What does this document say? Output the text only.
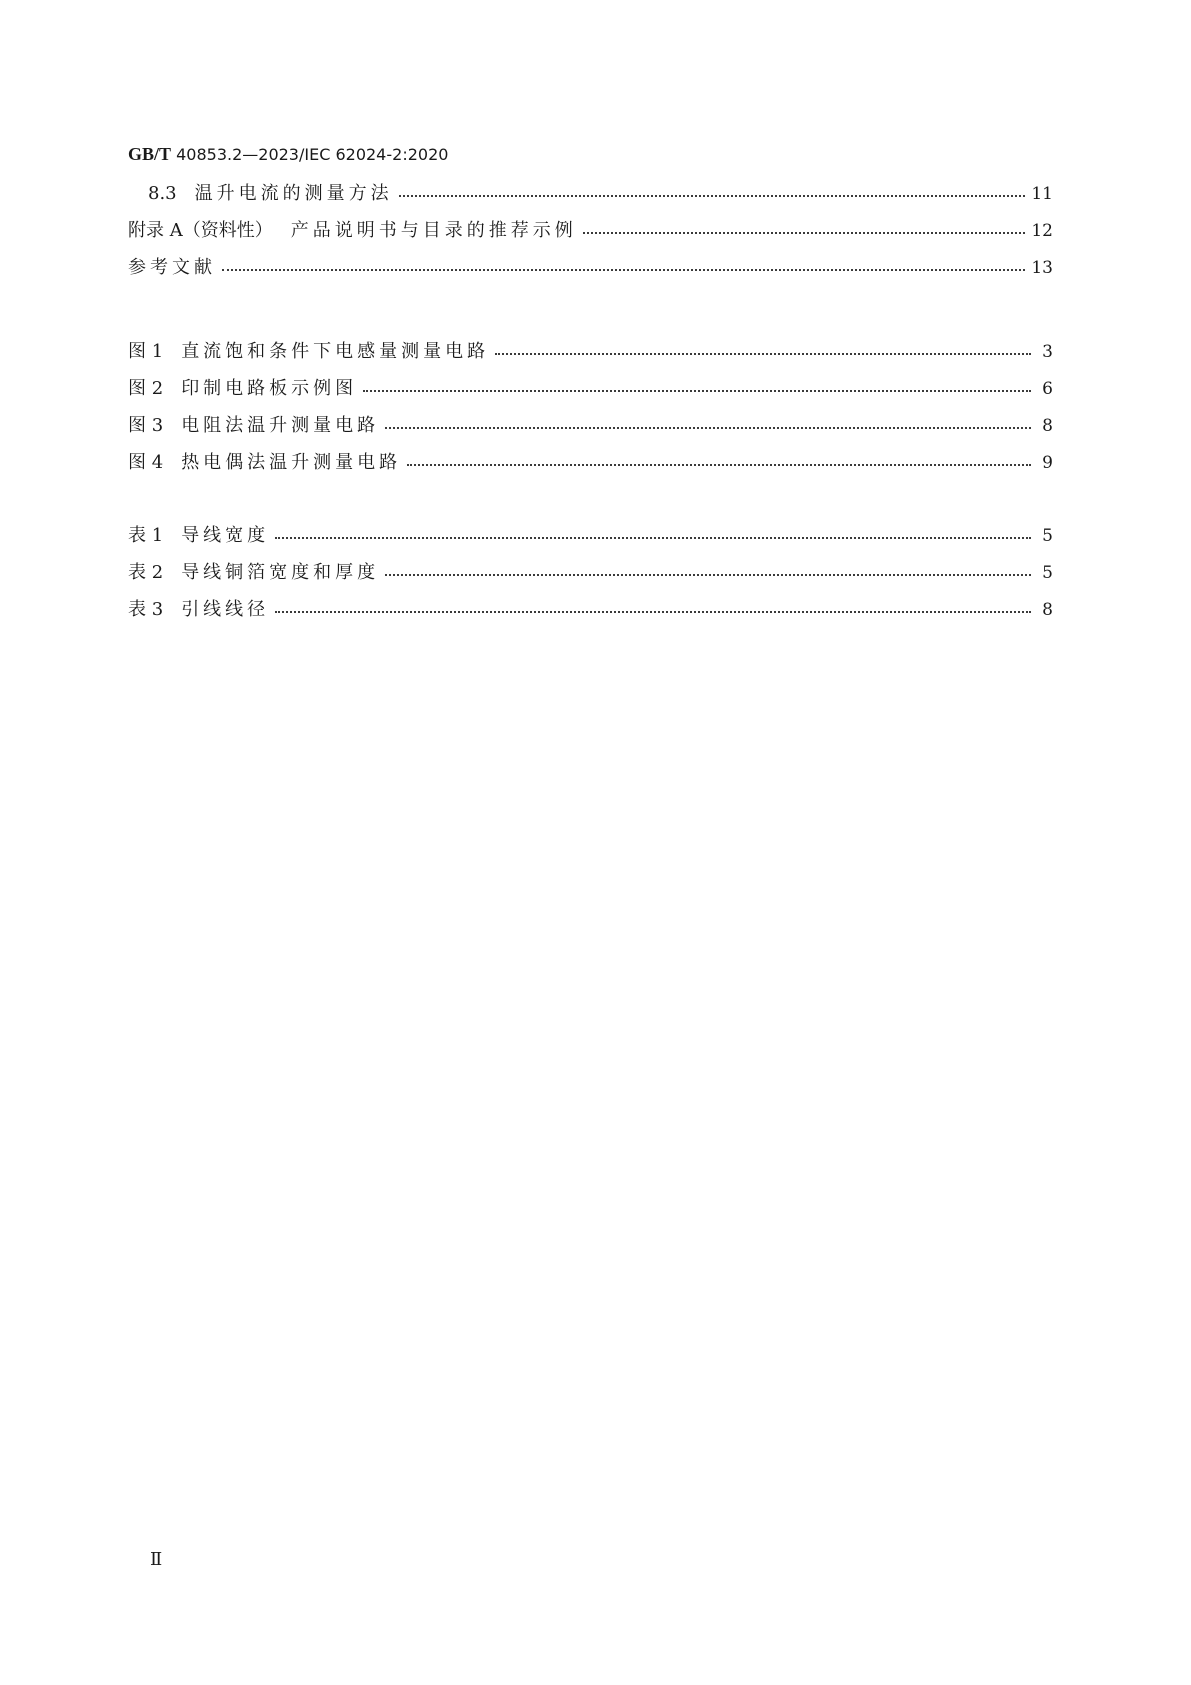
GB/T 40853.2—2023/IEC 62024-2:2020
8.3 温升电流的测量方法	11
附录 A（资料性） 产品说明书与目录的推荐示例	12
参考文献	13
图 1 直流饱和条件下电感量测量电路	3
图 2 印制电路板示例图	6
图 3 电阻法温升测量电路	8
图 4 热电偶法温升测量电路	9
表 1 导线宽度	5
表 2 导线铜箔宽度和厚度	5
表 3 引线线径	8
Ⅱ
